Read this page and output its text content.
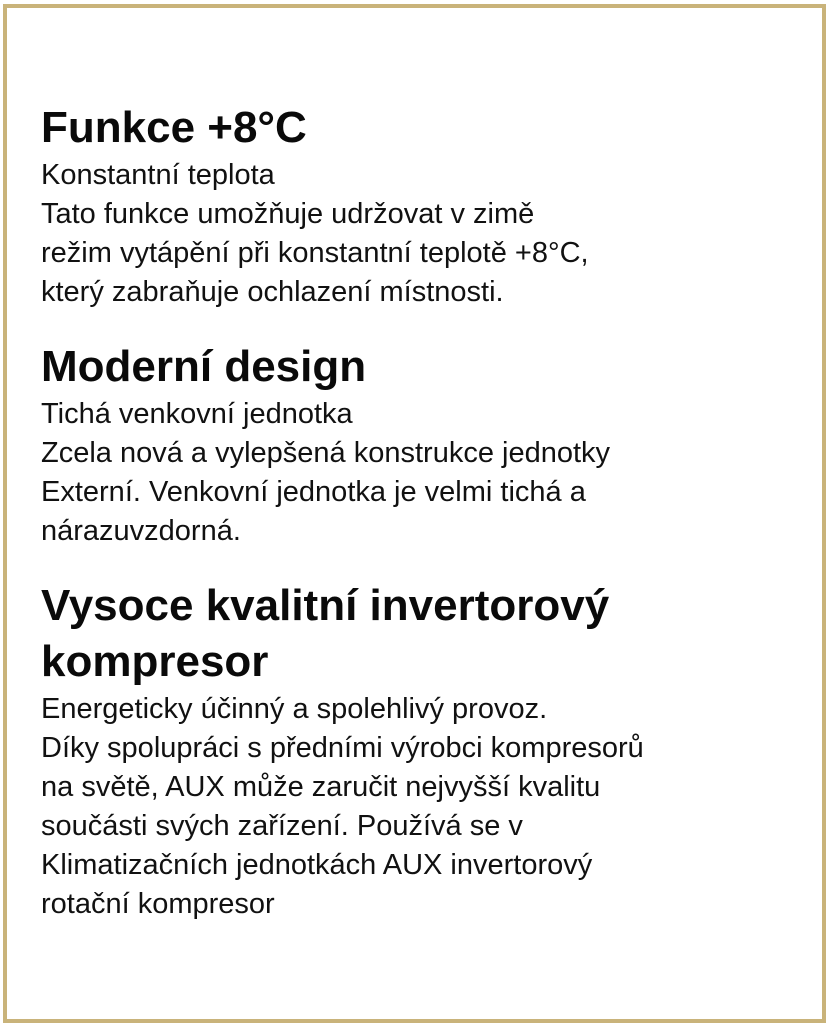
Funkce +8°C

Konstantní teplota

Tato funkce umožňuje udržovat v zimě

režim vytápění při konstantní teplotě +8°C,

který zabraňuje ochlazení místnosti.

Moderní design

Tichá venkovní jednotka

Zcela nová a vylepšená konstrukce jednotky

Externí. Venkovní jednotka je velmi tichá a

nárazuvzdorná.

Vysoce kvalitní invertorový
kompresor

Energeticky účinný a spolehlivý provoz.

Díky spolupráci s předními výrobci kompresorů

na světě, AUX může zaručit nejvyšší kvalitu

součásti svých zařízení. Používá se v

Klimatizačních jednotkách AUX invertorový

rotační kompresor
